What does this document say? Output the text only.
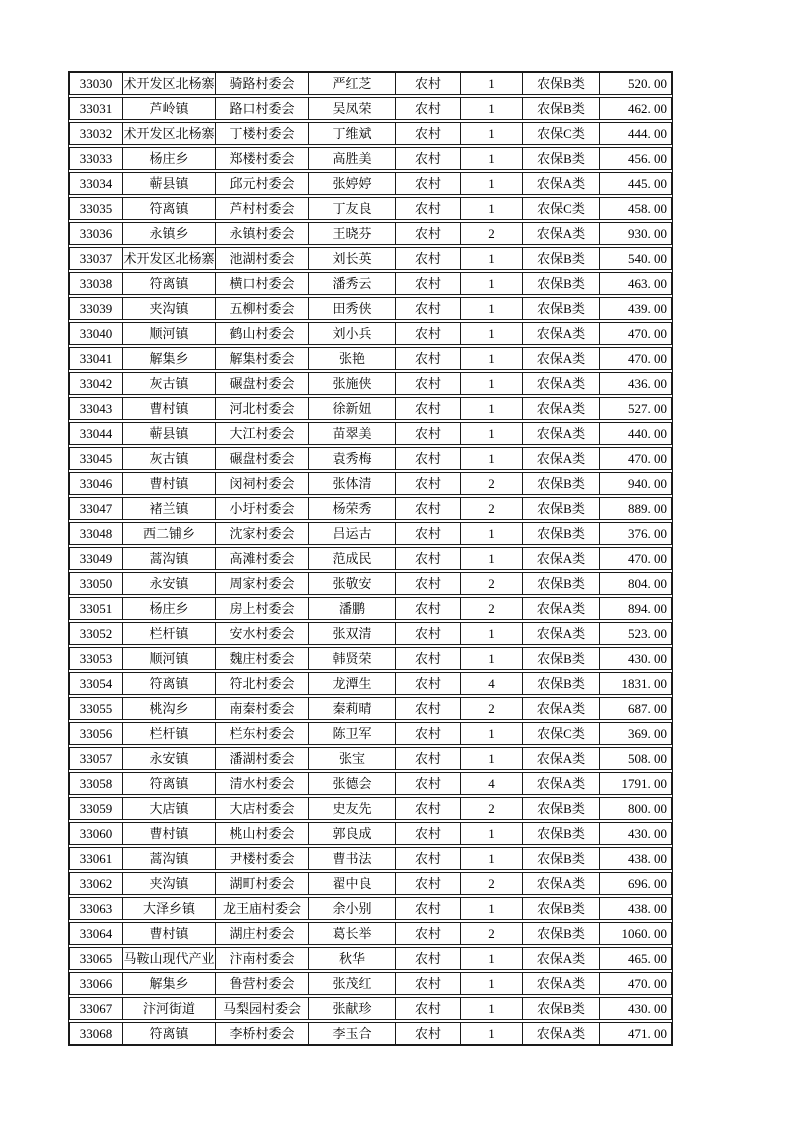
33030 术开发区北杨寨	骑路村委会	严红芝	农村	1	农保B类	520. 00
33031	芦岭镇	路口村委会	吴凤荣	农村	1	农保B类	462. 00
33032 术开发区北杨寨	丁楼村委会	丁维斌	农村	1	农保C类	444. 00
33033	杨庄乡	郑楼村委会	高胜美	农村	1	农保B类	456. 00
33034	蕲县镇	邱元村委会	张婷婷	农村	1	农保A类	445. 00
33035	符离镇	芦村村委会	丁友良	农村	1	农保C类	458. 00
33036	永镇乡	永镇村委会	王晓芬	农村	2	农保A类	930. 00
33037 术开发区北杨寨	池湖村委会	刘长英	农村	1	农保B类	540. 00
33038	符离镇	横口村委会	潘秀云	农村	1	农保B类	463. 00
33039	夹沟镇	五柳村委会	田秀侠	农村	1	农保B类	439. 00
33040	顺河镇	鹤山村委会	刘小兵	农村	1	农保A类	470. 00
33041	解集乡	解集村委会	张艳	农村	1	农保A类	470. 00
33042	灰古镇	碾盘村委会	张施侠	农村	1	农保A类	436. 00
33043	曹村镇	河北村委会	徐新妞	农村	1	农保A类	527. 00
33044	蕲县镇	大江村委会	苗翠美	农村	1	农保A类	440. 00
33045	灰古镇	碾盘村委会	袁秀梅	农村	1	农保A类	470. 00
33046	曹村镇	闵祠村委会	张体清	农村	2	农保B类	940. 00
33047	褚兰镇	小圩村委会	杨荣秀	农村	2	农保B类	889. 00
33048	西二铺乡	沈家村委会	吕运古	农村	1	农保B类	376. 00
33049	蒿沟镇	高滩村委会	范成民	农村	1	农保A类	470. 00
33050	永安镇	周家村委会	张敬安	农村	2	农保B类	804. 00
33051	杨庄乡	房上村委会	潘鹏	农村	2	农保A类	894. 00
33052	栏杆镇	安水村委会	张双清	农村	1	农保A类	523. 00
33053	顺河镇	魏庄村委会	韩贤荣	农村	1	农保B类	430. 00
33054	符离镇	符北村委会	龙潭生	农村	4	农保B类	1831. 00
33055	桃沟乡	南秦村委会	秦莉晴	农村	2	农保A类	687. 00
33056	栏杆镇	栏东村委会	陈卫军	农村	1	农保C类	369. 00
33057	永安镇	潘湖村委会	张宝	农村	1	农保A类	508. 00
33058	符离镇	清水村委会	张德会	农村	4	农保A类	1791. 00
33059	大店镇	大店村委会	史友先	农村	2	农保B类	800. 00
33060	曹村镇	桃山村委会	郭良成	农村	1	农保B类	430. 00
33061	蒿沟镇	尹楼村委会	曹书法	农村	1	农保B类	438. 00
33062	夹沟镇	湖町村委会	翟中良	农村	2	农保A类	696. 00
33063	大泽乡镇	龙王庙村委会	余小别	农村	1	农保B类	438. 00
33064	曹村镇	湖庄村委会	葛长举	农村	2	农保B类	1060. 00
33065 马鞍山现代产业	汴南村委会	秋华	农村	1	农保A类	465. 00
33066	解集乡	鲁营村委会	张茂红	农村	1	农保A类	470. 00
33067	汴河街道	马梨园村委会	张献珍	农村	1	农保B类	430. 00
33068	符离镇	李桥村委会	李玉合	农村	1	农保A类	471. 00
